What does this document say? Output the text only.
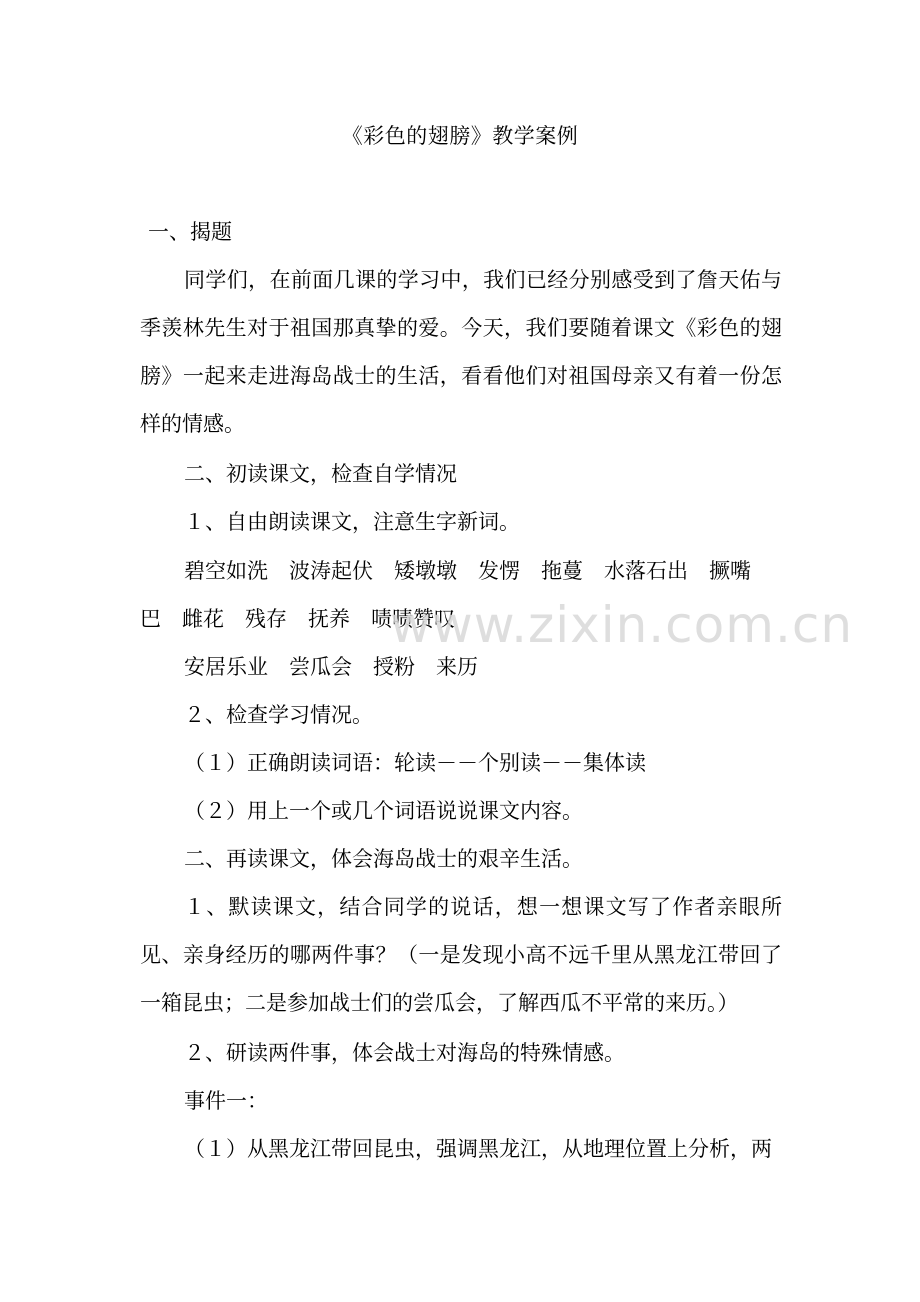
《彩色的翅膀》教学案例
一、揭题
同学们，在前面几课的学习中，我们已经分别感受到了詹天佑与季羡林先生对于祖国那真挚的爱。今天，我们要随着课文《彩色的翅膀》一起来走进海岛战士的生活，看看他们对祖国母亲又有着一份怎样的情感。
二、初读课文，检查自学情况
１、自由朗读课文，注意生字新词。
碧空如洗　波涛起伏　矮墩墩　发愣　拖蔓　水落石出　撅嘴
巴　雌花　残存　抚养　啧啧赞叹
安居乐业　尝瓜会　授粉　来历
２、检查学习情况。
（１）正确朗读词语：轮读－－个别读－－集体读
（２）用上一个或几个词语说说课文内容。
二、再读课文，体会海岛战士的艰辛生活。
１、默读课文，结合同学的说话，想一想课文写了作者亲眼所见、亲身经历的哪两件事？（一是发现小高不远千里从黑龙江带回了一箱昆虫；二是参加战士们的尝瓜会，了解西瓜不平常的来历。）
２、研读两件事，体会战士对海岛的特殊情感。
事件一：
（１）从黑龙江带回昆虫，强调黑龙江，从地理位置上分析，两
www.zixin.com.cn
